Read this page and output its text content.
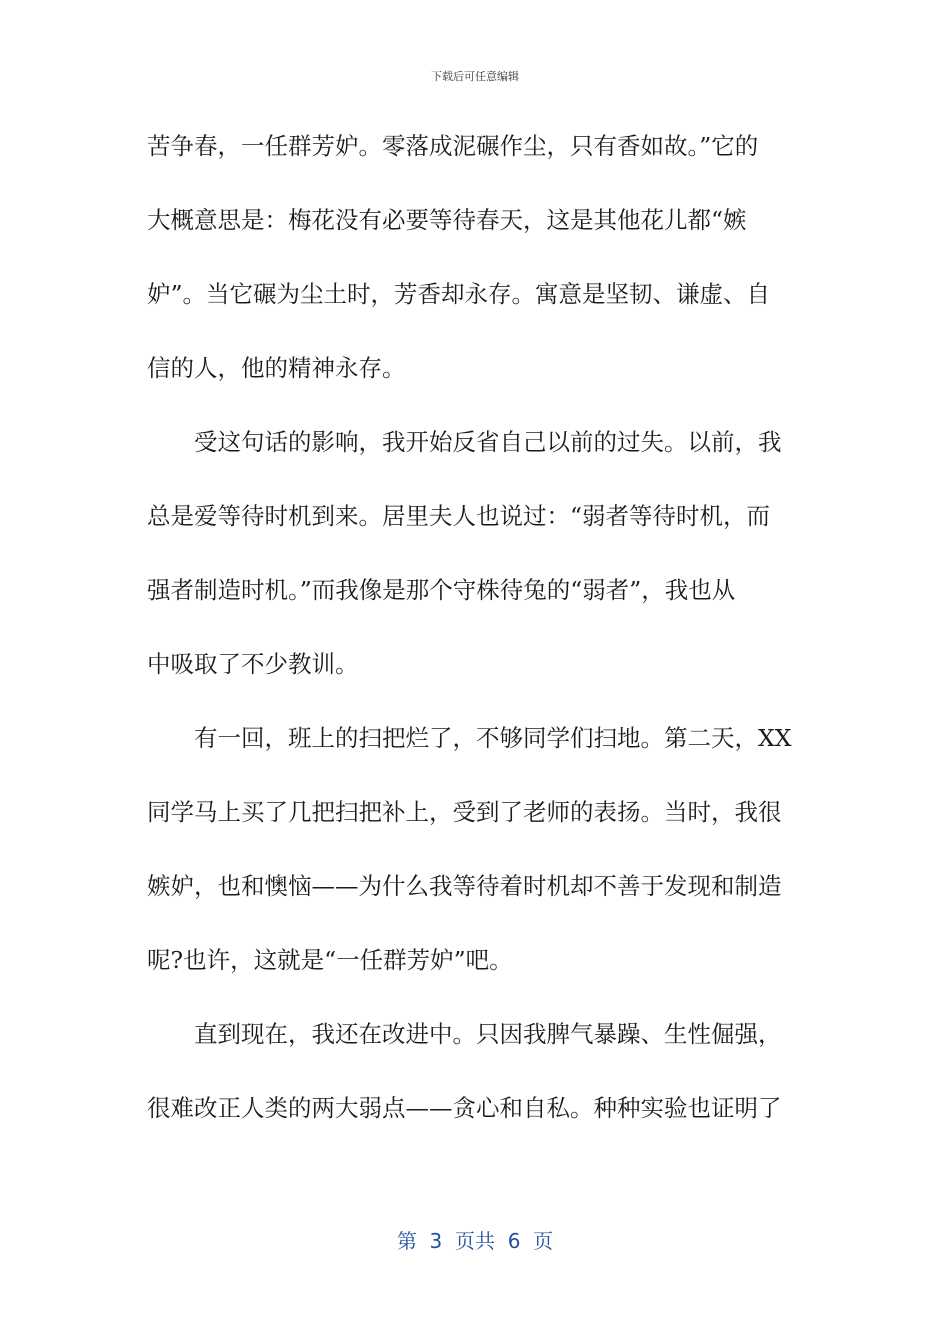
下载后可任意编辑
苦争春，一任群芳妒。零落成泥碾作尘，只有香如故。”它的
大概意思是：梅花没有必要等待春天，这是其他花儿都“嫉
妒”。当它碾为尘土时，芳香却永存。寓意是坚韧、谦虚、自
信的人，他的精神永存。
受这句话的影响，我开始反省自己以前的过失。以前，我
总是爱等待时机到来。居里夫人也说过：“弱者等待时机，而
强者制造时机。”而我像是那个守株待兔的“弱者”，我也从
中吸取了不少教训。
有一回，班上的扫把烂了，不够同学们扫地。第二天，XX
同学马上买了几把扫把补上，受到了老师的表扬。当时，我很
嫉妒，也和懊恼——为什么我等待着时机却不善于发现和制造
呢?也许，这就是“一任群芳妒”吧。
直到现在，我还在改进中。只因我脾气暴躁、生性倔强，
很难改正人类的两大弱点——贪心和自私。种种实验也证明了
第  3  页共  6  页
